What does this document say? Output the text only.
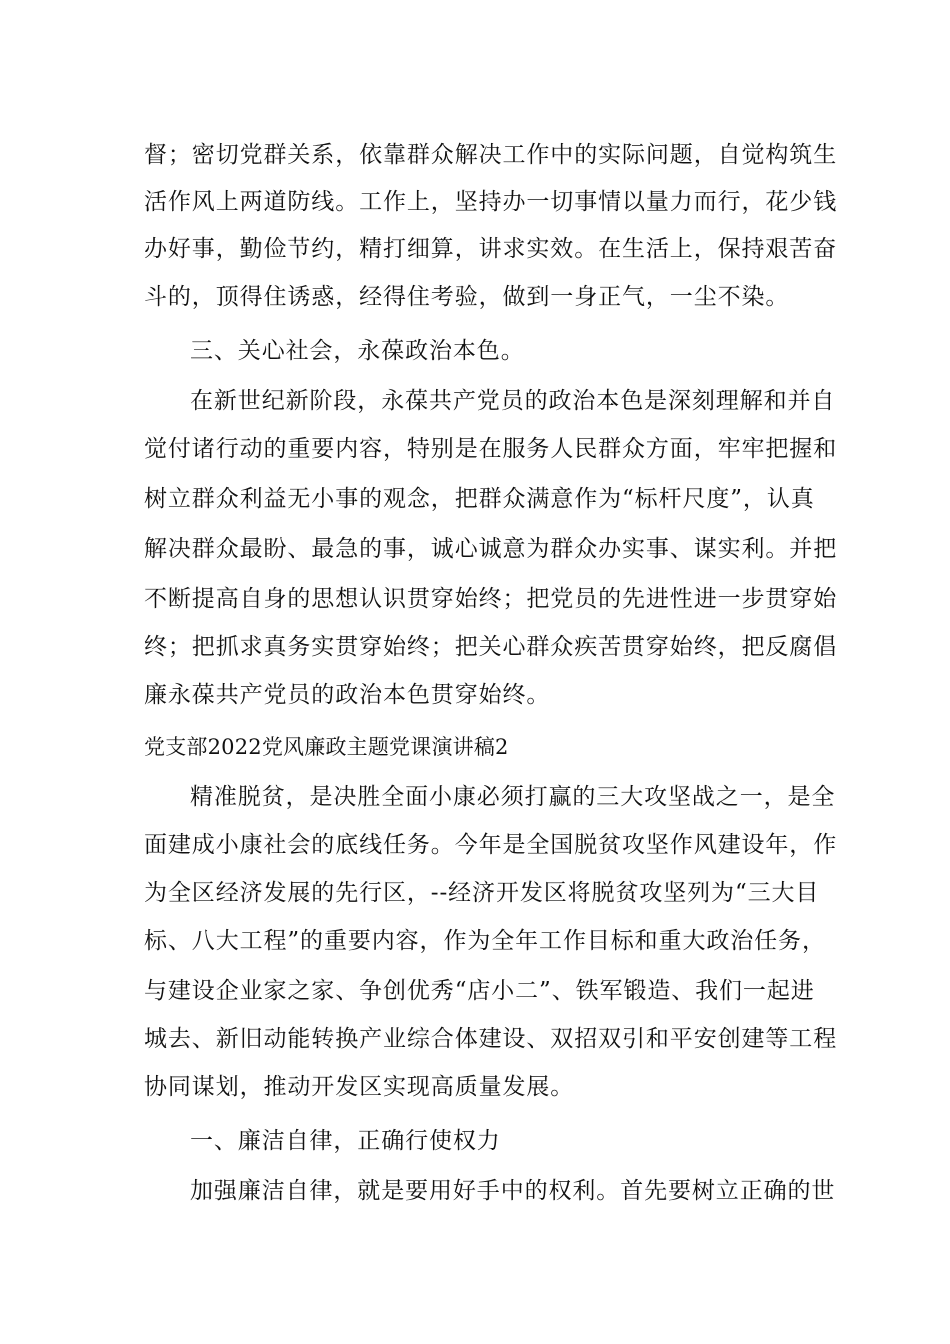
督；密切党群关系，依靠群众解决工作中的实际问题，自觉构筑生
活作风上两道防线。工作上，坚持办一切事情以量力而行，花少钱
办好事，勤俭节约，精打细算，讲求实效。在生活上，保持艰苦奋
斗的，顶得住诱惑，经得住考验，做到一身正气，一尘不染。
三、关心社会，永葆政治本色。
在新世纪新阶段，永葆共产党员的政治本色是深刻理解和并自
觉付诸行动的重要内容，特别是在服务人民群众方面，牢牢把握和
树立群众利益无小事的观念，把群众满意作为“标杆尺度”，认真
解决群众最盼、最急的事，诚心诚意为群众办实事、谋实利。并把
不断提高自身的思想认识贯穿始终；把党员的先进性进一步贯穿始
终；把抓求真务实贯穿始终；把关心群众疾苦贯穿始终，把反腐倡
廉永葆共产党员的政治本色贯穿始终。
党支部2022党风廉政主题党课演讲稿2
精准脱贫，是决胜全面小康必须打赢的三大攻坚战之一，是全
面建成小康社会的底线任务。今年是全国脱贫攻坚作风建设年，作
为全区经济发展的先行区，--经济开发区将脱贫攻坚列为“三大目
标、八大工程”的重要内容，作为全年工作目标和重大政治任务，
与建设企业家之家、争创优秀“店小二”、铁军锻造、我们一起进
城去、新旧动能转换产业综合体建设、双招双引和平安创建等工程
协同谋划，推动开发区实现高质量发展。
一、廉洁自律，正确行使权力
加强廉洁自律，就是要用好手中的权利。首先要树立正确的世
